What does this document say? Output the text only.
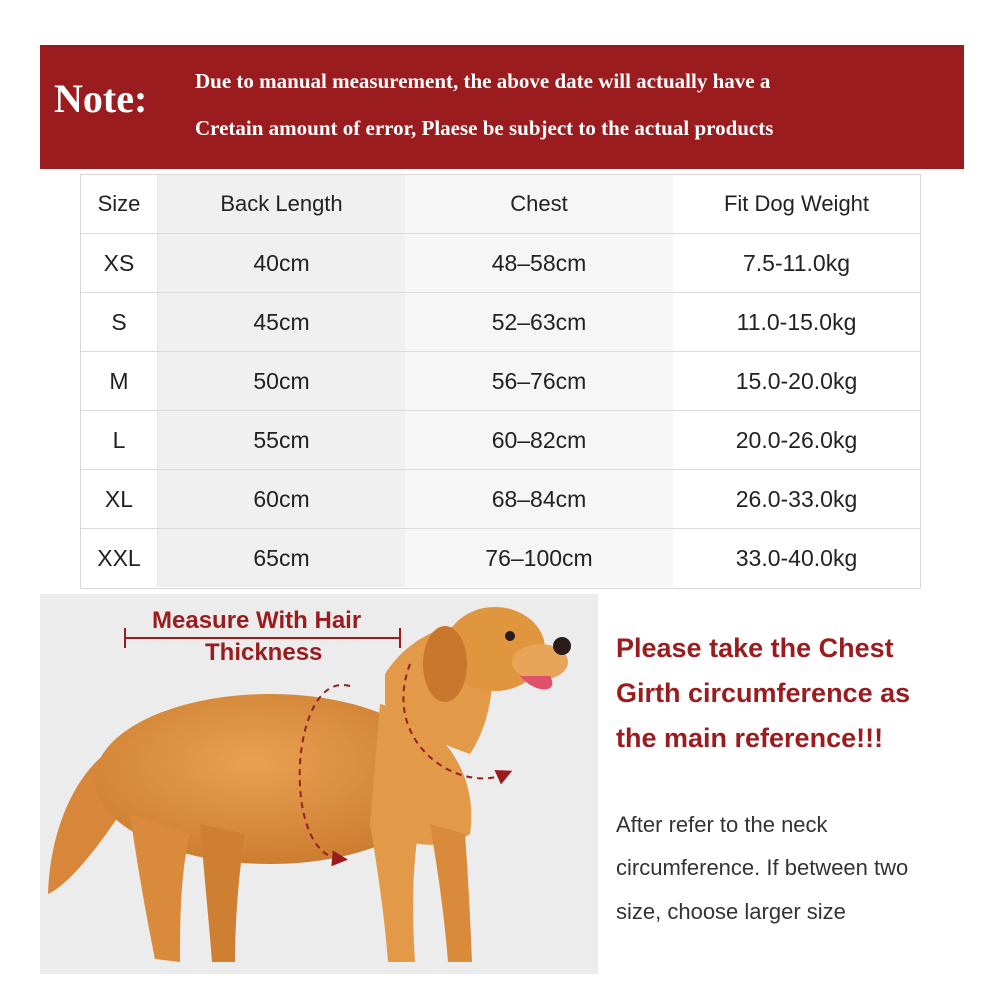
Note: Due to manual measurement, the above date will actually have a
Cretain amount of error, Plaese be subject to the actual products
Size	Back Length	Chest	Fit Dog Weight
XS	40cm	48–58cm	7.5-11.0kg
S	45cm	52–63cm	11.0-15.0kg
M	50cm	56–76cm	15.0-20.0kg
L	55cm	60–82cm	20.0-26.0kg
XL	60cm	68–84cm	26.0-33.0kg
XXL	65cm	76–100cm	33.0-40.0kg
Measure With Hair
Thickness	Please take the Chest
Girth circumference as
the main reference!!!
After refer to the neck
circumference. If between two
size, choose larger size
